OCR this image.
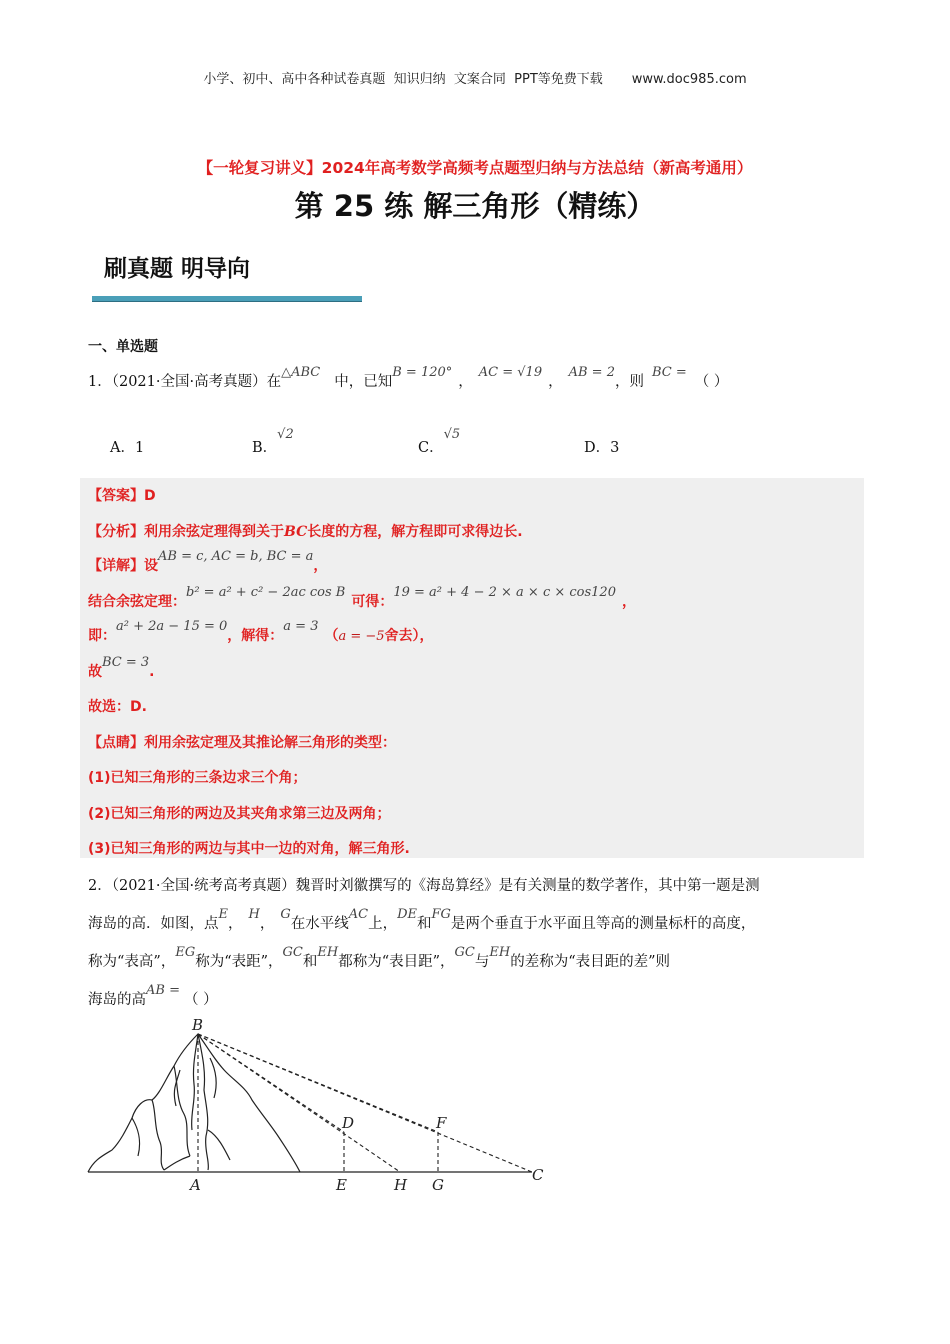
小学、初中、高中各种试卷真题  知识归纳  文案合同  PPT等免费下载       www.doc985.com
【一轮复习讲义】2024年高考数学高频考点题型归纳与方法总结（新高考通用）
第 25 练 解三角形（精练）
刷真题 明导向
一、单选题
1．（2021·全国·高考真题）在△ABC中，已知B = 120°，AC = √19，AB = 2，则BC =（ ）
A．1	B．√2
C．√5
D．3
【答案】D
【分析】利用余弦定理得到关于BC长度的方程，解方程即可求得边长.
【详解】设AB = c, AC = b, BC = a，
结合余弦定理：b² = a² + c² − 2ac cos B可得：19 = a² + 4 − 2 × a × c × cos120，
即：a² + 2a − 15 = 0，解得：a = 3（a = −5舍去），
故BC = 3.
故选：D.
【点睛】利用余弦定理及其推论解三角形的类型：
(1)已知三角形的三条边求三个角；
(2)已知三角形的两边及其夹角求第三边及两角；
(3)已知三角形的两边与其中一边的对角，解三角形.
2．（2021·全国·统考高考真题）魏晋时刘徽撰写的《海岛算经》是有关测量的数学著作，其中第一题是测
海岛的高．如图，点E，H，G在水平线AC上，DE和FG是两个垂直于水平面且等高的测量标杆的高度，
称为“表高”，EG称为“表距”，GC和EH都称为“表目距”，GC与EH的差称为“表目距的差”则
海岛的高AB =（ ）
B
D	F
A	E	H G
C
